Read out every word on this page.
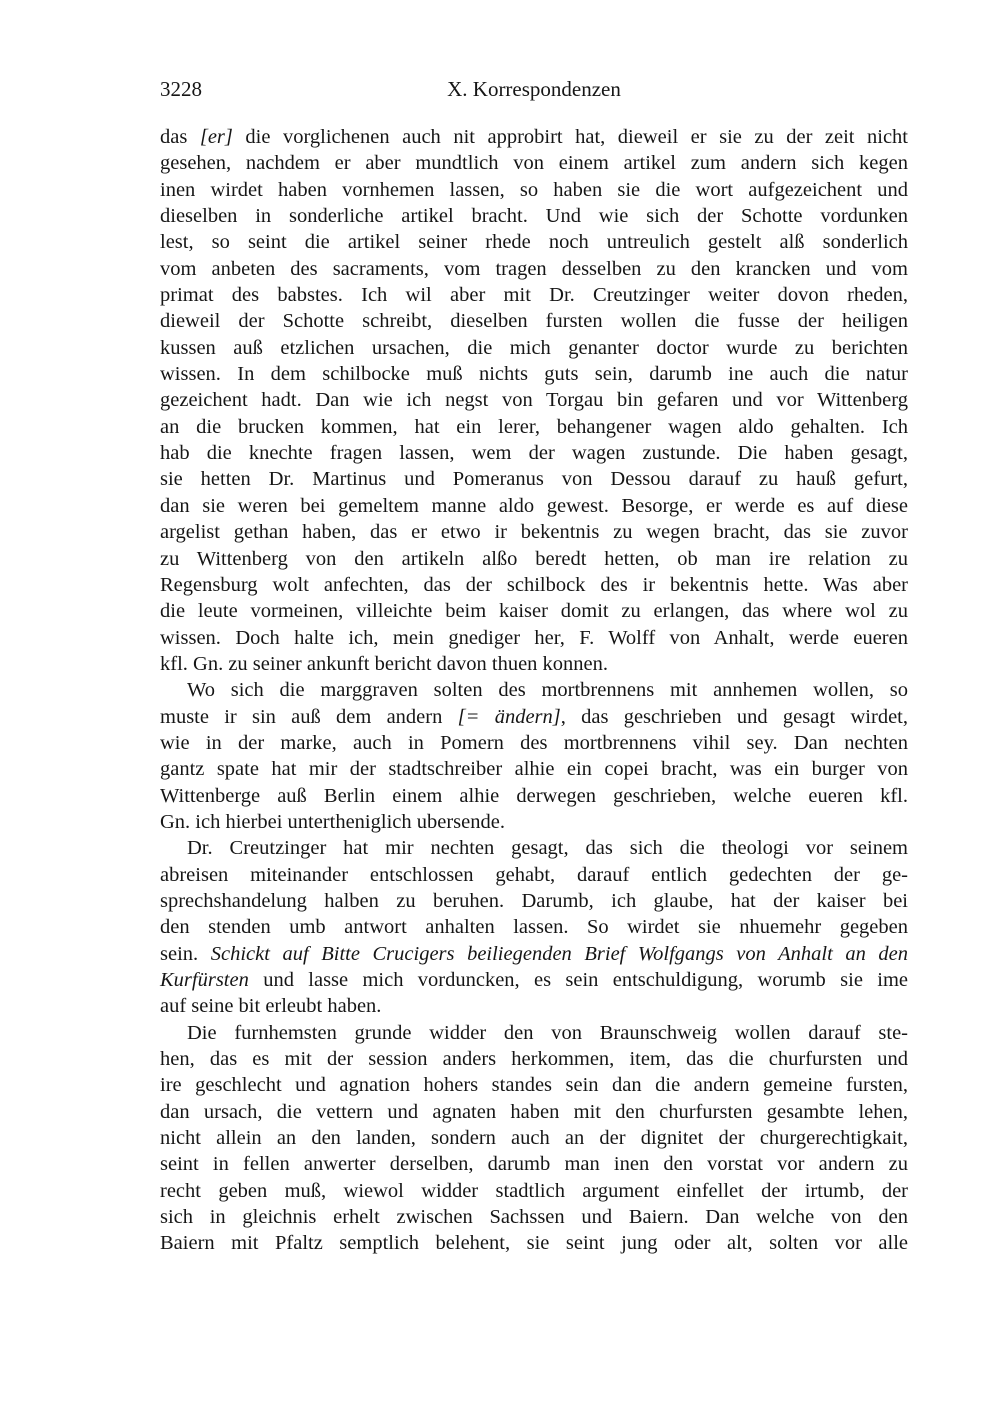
3228	X. Korrespondenzen
das [er] die vorglichenen auch nit approbirt hat, dieweil er sie zu der zeit nicht
gesehen, nachdem er aber mundtlich von einem artikel zum andern sich kegen
inen wirdet haben vornhemen lassen, so haben sie die wort aufgezeichent und
dieselben in sonderliche artikel bracht. Und wie sich der Schotte vordunken
lest, so seint die artikel seiner rhede noch untreulich gestelt alß sonderlich
vom anbeten des sacraments, vom tragen desselben zu den krancken und vom
primat des babstes. Ich wil aber mit Dr. Creutzinger weiter dovon rheden,
dieweil der Schotte schreibt, dieselben fursten wollen die fusse der heiligen
kussen auß etzlichen ursachen, die mich genanter doctor wurde zu berichten
wissen. In dem schilbocke muß nichts guts sein, darumb ine auch die natur
gezeichent hadt. Dan wie ich negst von Torgau bin gefaren und vor Wittenberg
an die brucken kommen, hat ein lerer, behangener wagen aldo gehalten. Ich
hab die knechte fragen lassen, wem der wagen zustunde. Die haben gesagt,
sie hetten Dr. Martinus und Pomeranus von Dessou darauf zu hauß gefurt,
dan sie weren bei gemeltem manne aldo gewest. Besorge, er werde es auf diese
argelist gethan haben, das er etwo ir bekentnis zu wegen bracht, das sie zuvor
zu Wittenberg von den artikeln alßo beredt hetten, ob man ire relation zu
Regensburg wolt anfechten, das der schilbock des ir bekentnis hette. Was aber
die leute vormeinen, villeichte beim kaiser domit zu erlangen, das where wol zu
wissen. Doch halte ich, mein gnediger her, F. Wolff von Anhalt, werde eueren
kfl. Gn. zu seiner ankunft bericht davon thuen konnen.
Wo sich die marggraven solten des mortbrennens mit annhemen wollen, so
muste ir sin auß dem andern [= ändern], das geschrieben und gesagt wirdet,
wie in der marke, auch in Pomern des mortbrennens vihil sey. Dan nechten
gantz spate hat mir der stadtschreiber alhie ein copei bracht, was ein burger von
Wittenberge auß Berlin einem alhie derwegen geschrieben, welche eueren kfl.
Gn. ich hierbei untertheniglich ubersende.
Dr. Creutzinger hat mir nechten gesagt, das sich die theologi vor seinem
abreisen miteinander entschlossen gehabt, darauf entlich gedechten der ge-
sprechshandelung halben zu beruhen. Darumb, ich glaube, hat der kaiser bei
den stenden umb antwort anhalten lassen. So wirdet sie nhuemehr gegeben
sein. Schickt auf Bitte Crucigers beiliegenden Brief Wolfgangs von Anhalt an den
Kurfürsten und lasse mich vorduncken, es sein entschuldigung, worumb sie ime
auf seine bit erleubt haben.
Die furnhemsten grunde widder den von Braunschweig wollen darauf ste-
hen, das es mit der session anders herkommen, item, das die churfursten und
ire geschlecht und agnation hohers standes sein dan die andern gemeine fursten,
dan ursach, die vettern und agnaten haben mit den churfursten gesambte lehen,
nicht allein an den landen, sondern auch an der dignitet der churgerechtigkait,
seint in fellen anwerter derselben, darumb man inen den vorstat vor andern zu
recht geben muß, wiewol widder stadtlich argument einfellet der irtumb, der
sich in gleichnis erhelt zwischen Sachssen und Baiern. Dan welche von den
Baiern mit Pfaltz semptlich belehent, sie seint jung oder alt, solten vor alle
